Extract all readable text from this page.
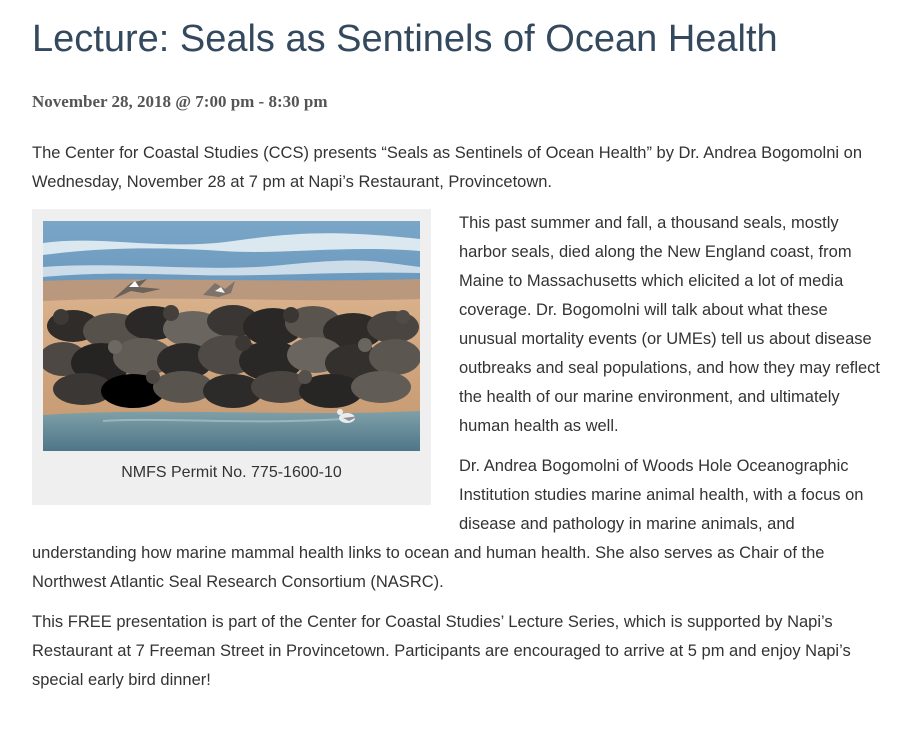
Lecture: Seals as Sentinels of Ocean Health
November 28, 2018 @ 7:00 pm - 8:30 pm

The Center for Coastal Studies (CCS) presents “Seals as Sentinels of Ocean Health” by Dr. Andrea Bogomolni on Wednesday, November 28 at 7 pm at Napi’s Restaurant, Provincetown.

NMFS Permit No. 775-1600-10

This past summer and fall, a thousand seals, mostly harbor seals, died along the New England coast, from Maine to Massachusetts which elicited a lot of media coverage. Dr. Bogomolni will talk about what these unusual mortality events (or UMEs) tell us about disease outbreaks and seal populations, and how they may reflect the health of our marine environment, and ultimately human health as well.

Dr. Andrea Bogomolni of Woods Hole Oceanographic Institution studies marine animal health, with a focus on disease and pathology in marine animals, and understanding how marine mammal health links to ocean and human health. She also serves as Chair of the Northwest Atlantic Seal Research Consortium (NASRC).

This FREE presentation is part of the Center for Coastal Studies’ Lecture Series, which is supported by Napi’s Restaurant at 7 Freeman Street in Provincetown. Participants are encouraged to arrive at 5 pm and enjoy Napi’s special early bird dinner!
